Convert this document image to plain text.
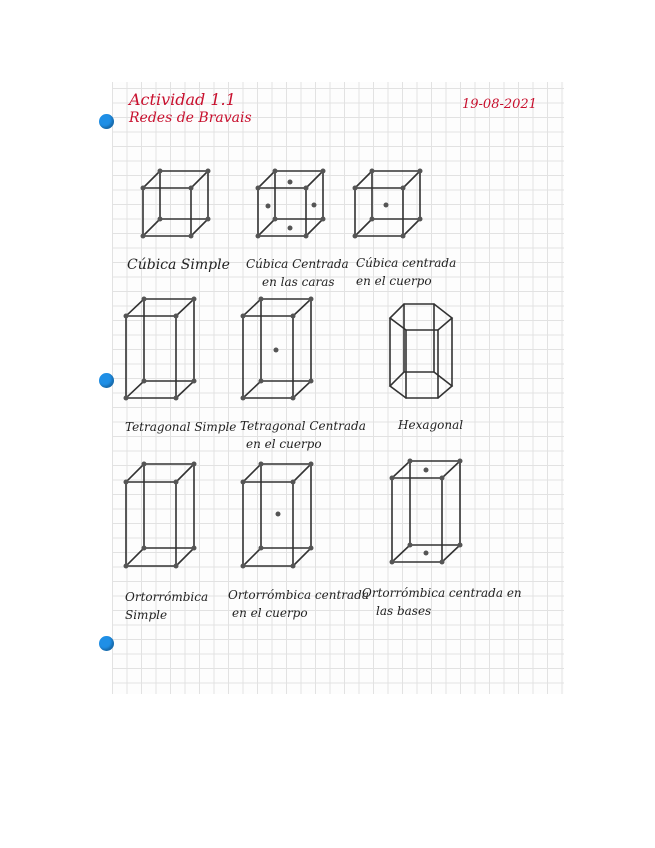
Actividad 1.1
Redes de Bravais
19-08-2021
Cúbica Simple Cúbica Centrada
en las caras
Cúbica centrada
en el cuerpo
Tetragonal Simple Tetragonal Centrada
en el cuerpo
Hexagonal
Ortorrómbica
Simple
Ortorrómbica centrada
en el cuerpo
Ortorrómbica centrada en
las bases
